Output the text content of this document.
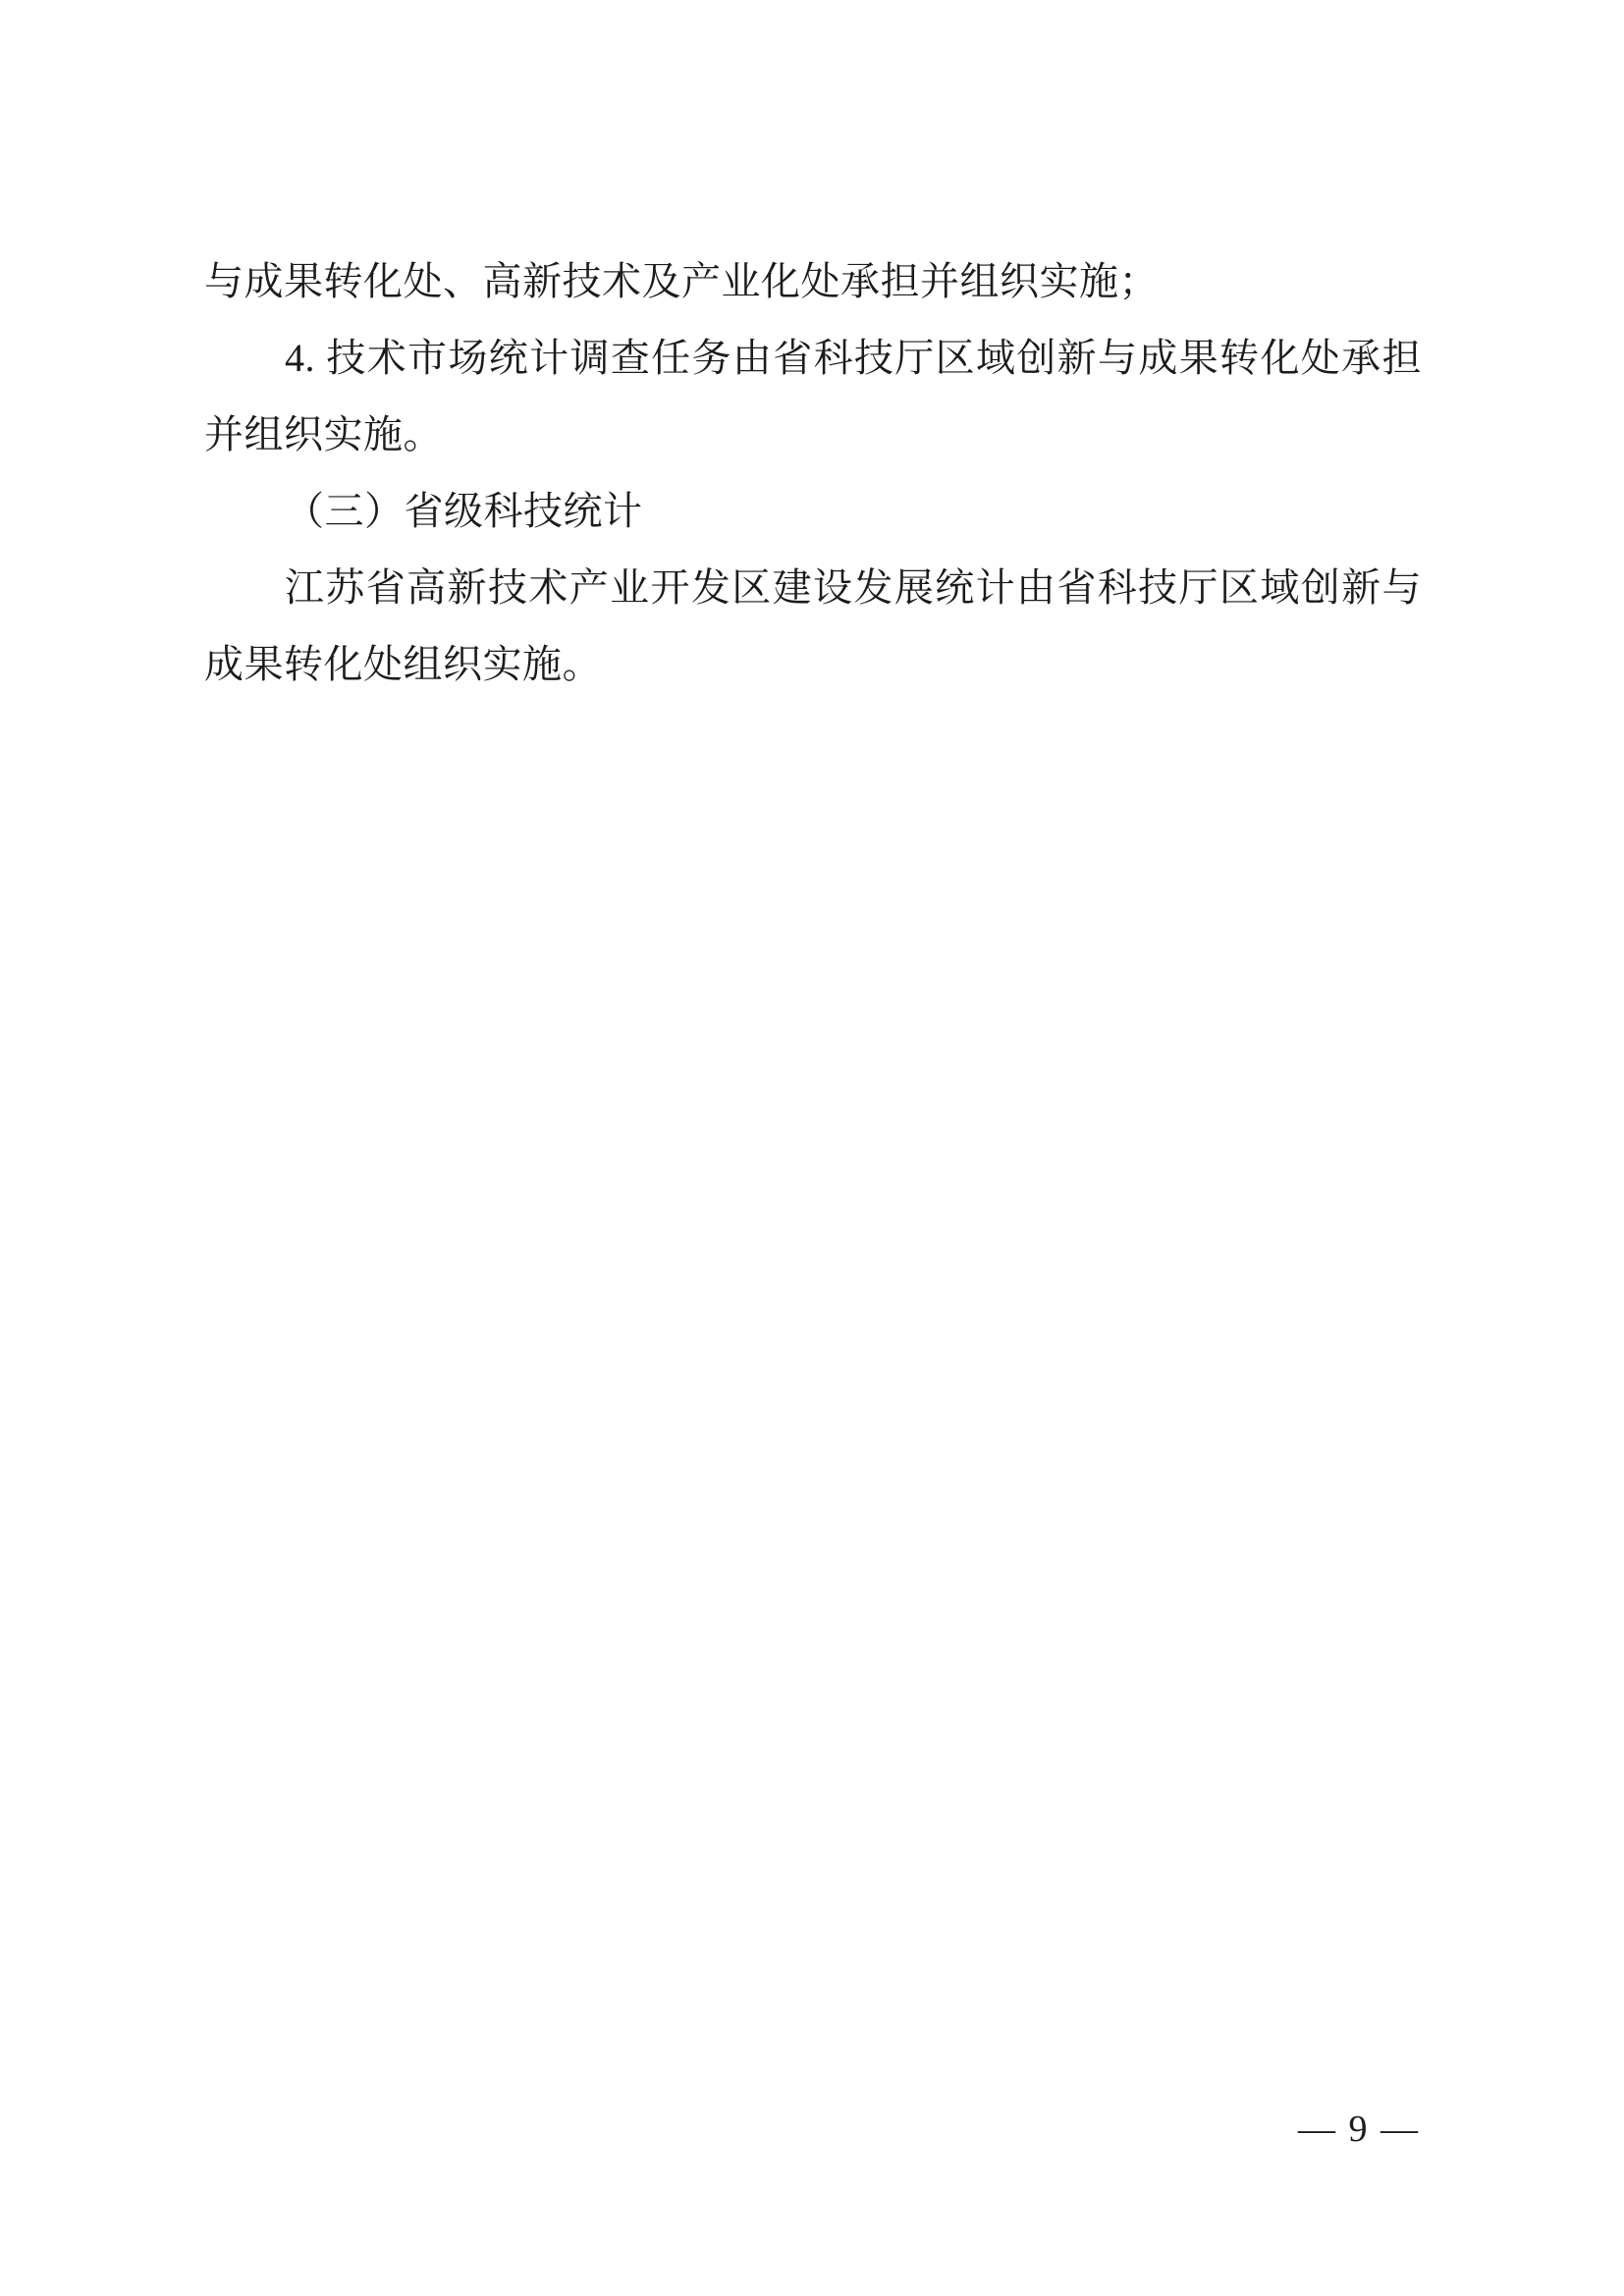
与成果转化处、高新技术及产业化处承担并组织实施；

4. 技术市场统计调查任务由省科技厅区域创新与成果转化处承担并组织实施。

（三）省级科技统计

江苏省高新技术产业开发区建设发展统计由省科技厅区域创新与成果转化处组织实施。

— 9 —
